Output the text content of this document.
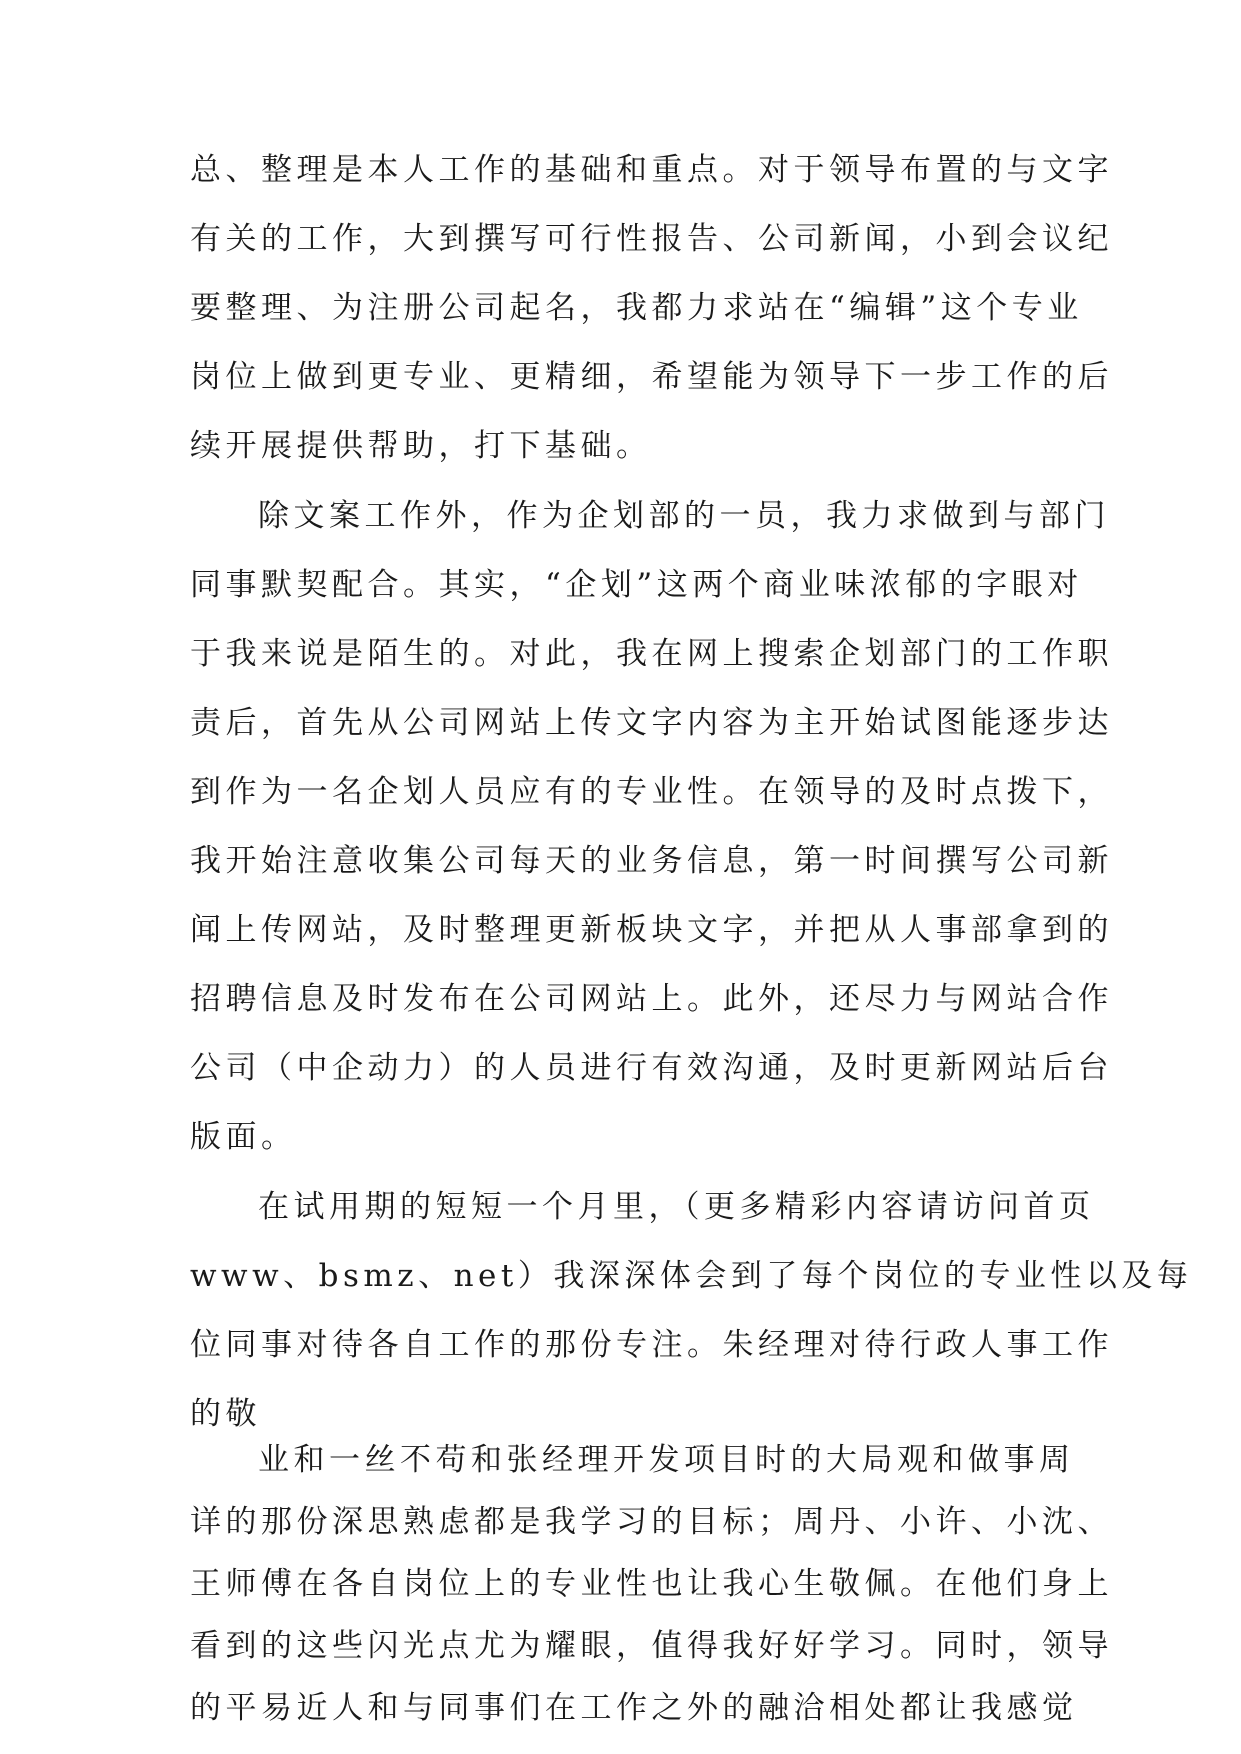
总、整理是本人工作的基础和重点。对于领导布置的与文字
有关的工作，大到撰写可行性报告、公司新闻，小到会议纪
要整理、为注册公司起名，我都力求站在“编辑”这个专业
岗位上做到更专业、更精细，希望能为领导下一步工作的后
续开展提供帮助，打下基础。
除文案工作外，作为企划部的一员，我力求做到与部门
同事默契配合。其实，“企划”这两个商业味浓郁的字眼对
于我来说是陌生的。对此，我在网上搜索企划部门的工作职
责后，首先从公司网站上传文字内容为主开始试图能逐步达
到作为一名企划人员应有的专业性。在领导的及时点拨下，
我开始注意收集公司每天的业务信息，第一时间撰写公司新
闻上传网站，及时整理更新板块文字，并把从人事部拿到的
招聘信息及时发布在公司网站上。此外，还尽力与网站合作
公司（中企动力）的人员进行有效沟通，及时更新网站后台
版面。
在试用期的短短一个月里，（更多精彩内容请访问首页
www、bsmz、net）我深深体会到了每个岗位的专业性以及每
位同事对待各自工作的那份专注。朱经理对待行政人事工作
的敬
业和一丝不苟和张经理开发项目时的大局观和做事周
详的那份深思熟虑都是我学习的目标；周丹、小许、小沈、
王师傅在各自岗位上的专业性也让我心生敬佩。在他们身上
看到的这些闪光点尤为耀眼，值得我好好学习。同时，领导
的平易近人和与同事们在工作之外的融洽相处都让我感觉
